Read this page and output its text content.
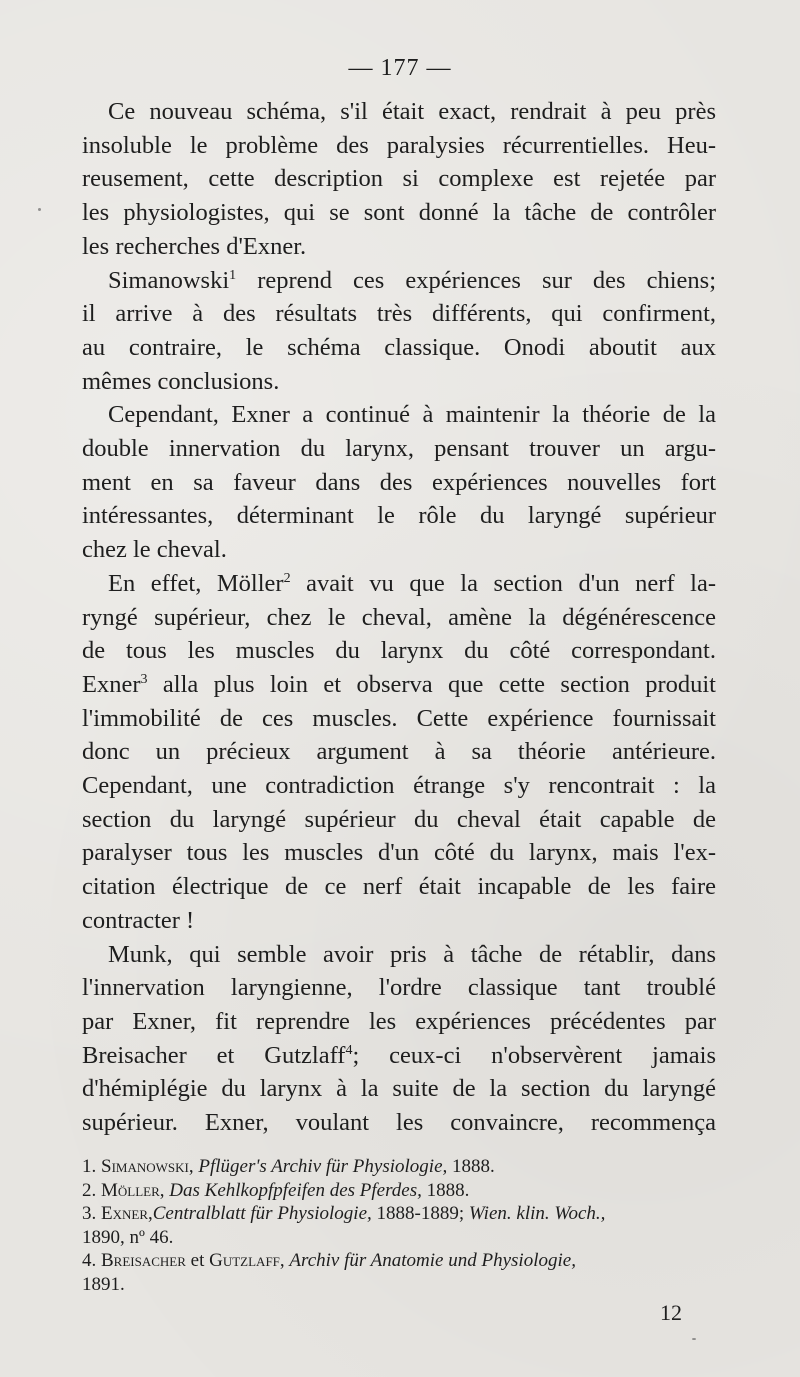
— 177 —

Ce nouveau schéma, s'il était exact, rendrait à peu près
insoluble le problème des paralysies récurrentielles. Heu-
reusement, cette description si complexe est rejetée par
les physiologistes, qui se sont donné la tâche de contrôler
les recherches d'Exner.

Simanowski$^1$ reprend ces expériences sur des chiens;
il arrive à des résultats très différents, qui confirment,
au contraire, le schéma classique. Onodi aboutit aux
mêmes conclusions.

Cependant, Exner a continué à maintenir la théorie de la
double innervation du larynx, pensant trouver un argu-
ment en sa faveur dans des expériences nouvelles fort
intéressantes, déterminant le rôle du laryngé supérieur
chez le cheval.

En effet, Möller$^2$ avait vu que la section d'un nerf la-
ryngé supérieur, chez le cheval, amène la dégénérescence
de tous les muscles du larynx du côté correspondant.
Exner$^3$ alla plus loin et observa que cette section produit
l'immobilité de ces muscles. Cette expérience fournissait
donc un précieux argument à sa théorie antérieure.
Cependant, une contradiction étrange s'y rencontrait : la
section du laryngé supérieur du cheval était capable de
paralyser tous les muscles d'un côté du larynx, mais l'ex-
citation électrique de ce nerf était incapable de les faire
contracter !

Munk, qui semble avoir pris à tâche de rétablir, dans
l'innervation laryngienne, l'ordre classique tant troublé
par Exner, fit reprendre les expériences précédentes par
Breisacher et Gutzlaff$^4$; ceux-ci n'observèrent jamais
d'hémiplégie du larynx à la suite de la section du laryngé
supérieur. Exner, voulant les convaincre, recommença

1. Simanowski, Pflüger's Archiv für Physiologie, 1888.
2. Möller, Das Kehlkopfpfeifen des Pferdes, 1888.
3. Exner,Centralblatt für Physiologie, 1888-1889; Wien. klin. Woch.,
1890, nº 46.
4. Breisacher et Gutzlaff, Archiv für Anatomie und Physiologie,
1891.
12
